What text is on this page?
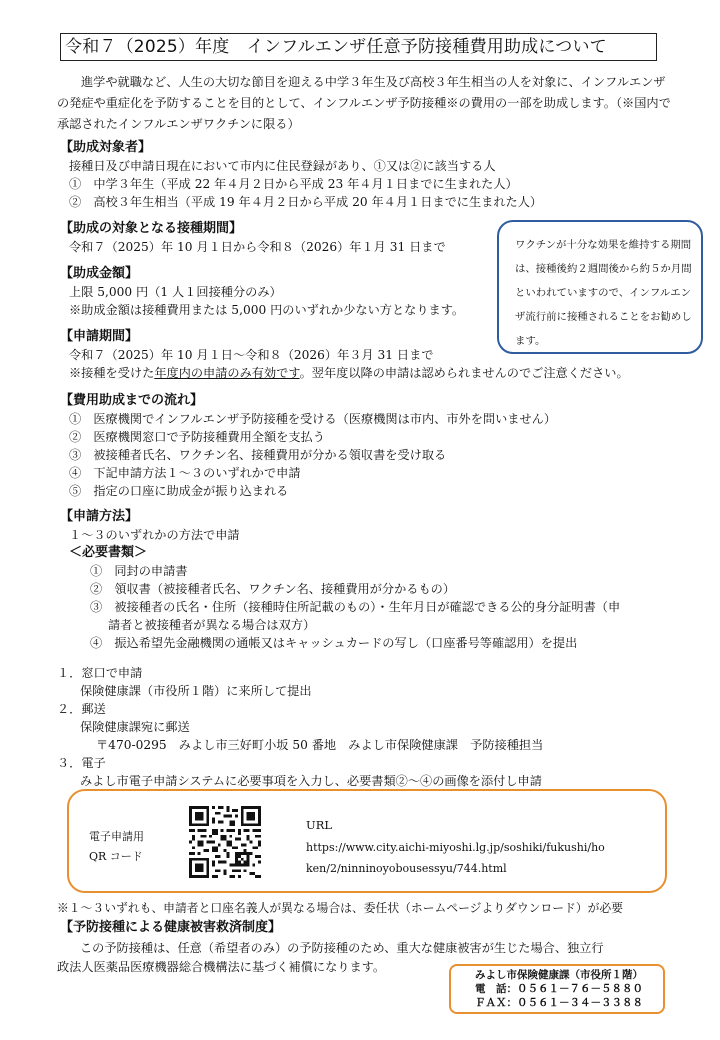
令和７（2025）年度　インフルエンザ任意予防接種費用助成について

進学や就職など、人生の大切な節目を迎える中学３年生及び高校３年生相当の人を対象に、インフルエンザの発症や重症化を予防することを目的として、インフルエンザ予防接種※の費用の一部を助成します。（※国内で承認されたインフルエンザワクチンに限る）

【助成対象者】
接種日及び申請日現在において市内に住民登録があり、①又は②に該当する人
①　中学３年生（平成 22 年４月２日から平成 23 年４月１日までに生まれた人）
②　高校３年生相当（平成 19 年４月２日から平成 20 年４月１日までに生まれた人）
【助成の対象となる接種期間】
令和７（2025）年 10 月１日から令和８（2026）年１月 31 日まで	ワクチンが十分な効果を維持する期間は、接種後約２週間後から約５か月間といわれていますので、インフルエンザ流行前に接種されることをお勧めします。
【助成金額】
上限 5,000 円（1 人１回接種分のみ）
※助成金額は接種費用または 5,000 円のいずれか少ない方となります。
【申請期間】
令和７（2025）年 10 月１日～令和８（2026）年３月 31 日まで
※接種を受けた年度内の申請のみ有効です。翌年度以降の申請は認められませんのでご注意ください。
【費用助成までの流れ】
①　医療機関でインフルエンザ予防接種を受ける（医療機関は市内、市外を問いません）
②　医療機関窓口で予防接種費用全額を支払う
③　被接種者氏名、ワクチン名、接種費用が分かる領収書を受け取る
④　下記申請方法１～３のいずれかで申請
⑤　指定の口座に助成金が振り込まれる
【申請方法】
１～３のいずれかの方法で申請
＜必要書類＞
①　同封の申請書
②　領収書（被接種者氏名、ワクチン名、接種費用が分かるもの）
③　被接種者の氏名・住所（接種時住所記載のもの）・生年月日が確認できる公的身分証明書（申
請者と被接種者が異なる場合は双方）
④　振込希望先金融機関の通帳又はキャッシュカードの写し（口座番号等確認用）を提出
１．窓口で申請
保険健康課（市役所１階）に来所して提出
２．郵送
保険健康課宛に郵送
〒470-0295　みよし市三好町小坂 50 番地　みよし市保険健康課　予防接種担当
３．電子
みよし市電子申請システムに必要事項を入力し、必要書類②～④の画像を添付し申請
電子申請用
QR コード
URL
https://www.city.aichi-miyoshi.lg.jp/soshiki/fukushi/ho
ken/2/ninninoyobousessyu/744.html
※１～３いずれも、申請者と口座名義人が異なる場合は、委任状（ホームページよりダウンロード）が必要
【予防接種による健康被害救済制度】
この予防接種は、任意（希望者のみ）の予防接種のため、重大な健康被害が生じた場合、独立行
政法人医薬品医療機器総合機構法に基づく補償になります。
みよし市保険健康課（市役所１階）
電　話：０５６１－７６－５８８０
ＦＡＸ：０５６１－３４－３３８８
